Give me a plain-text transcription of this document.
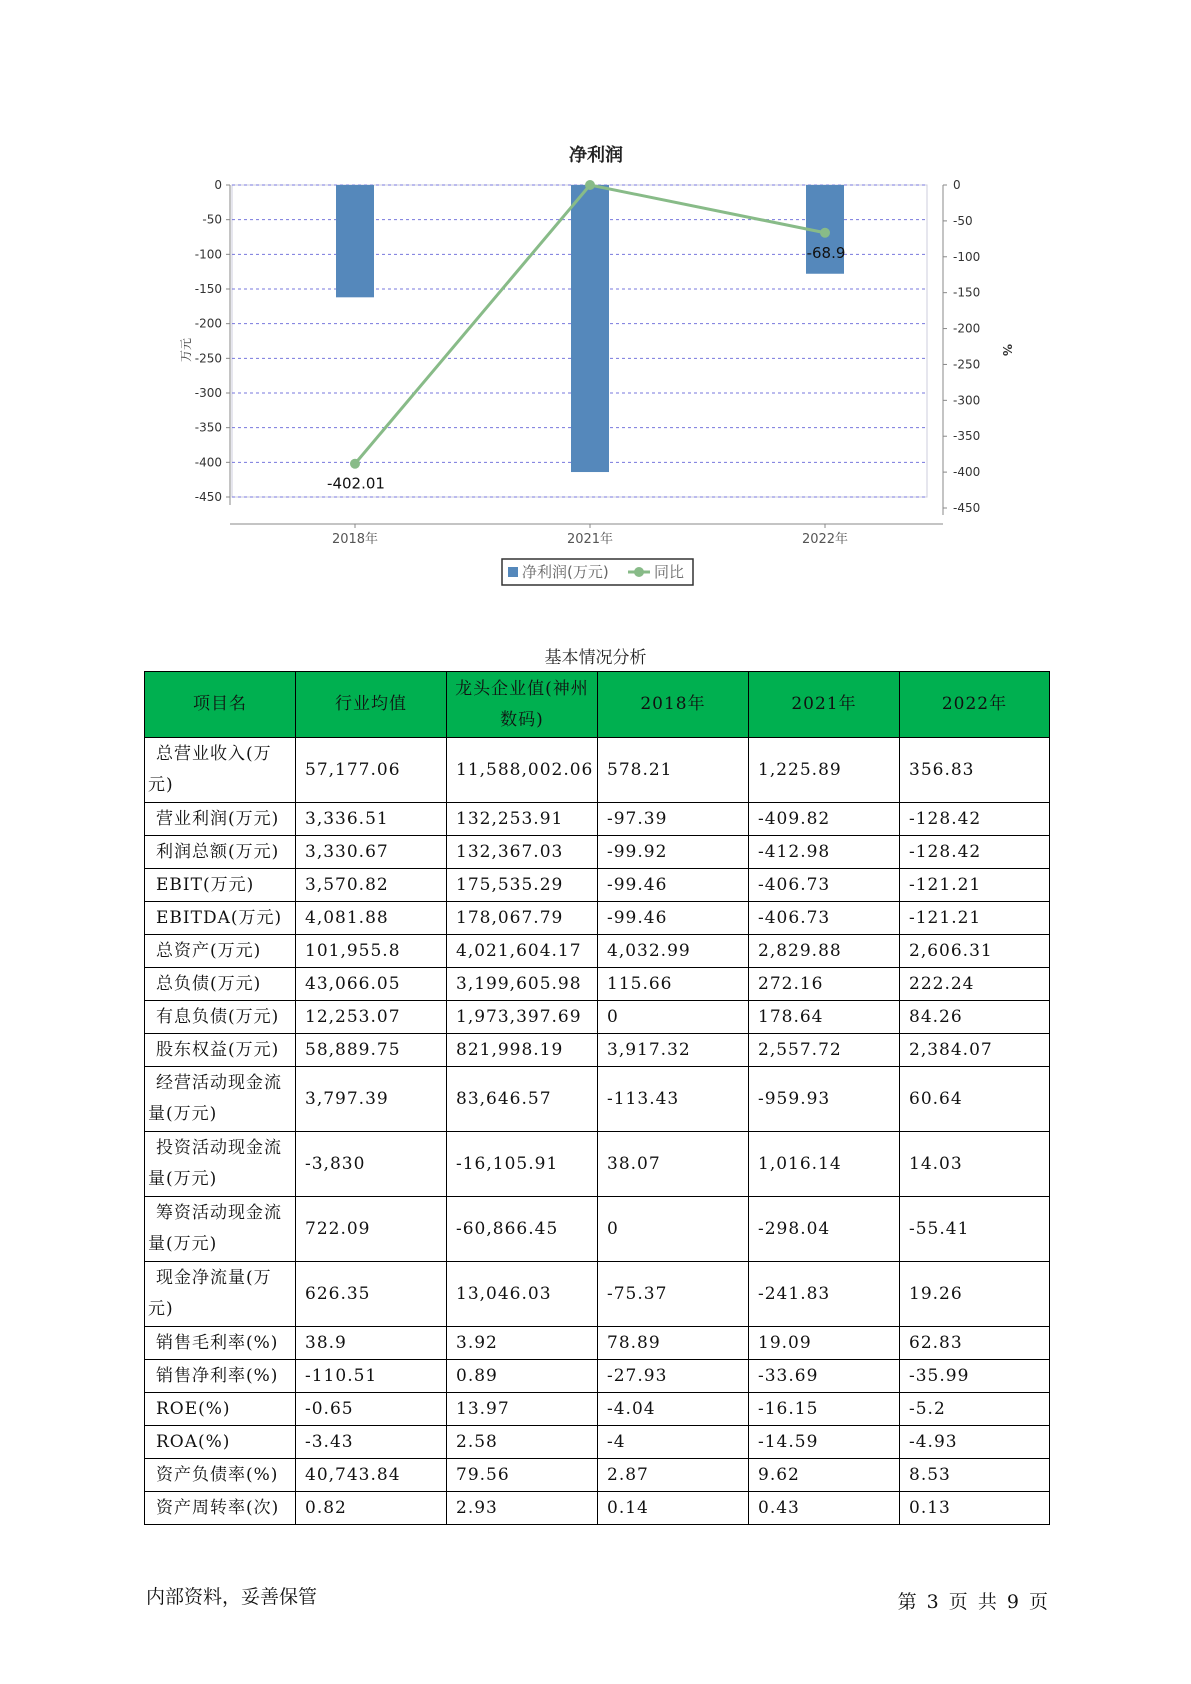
净利润
-402.01
-68.9
0
-50
-100
-150
-200
-250
-300
-350
-400
-450
0
-50
-100
-150
-200
-250
-300
-350
-400
-450
2018年	2021年	2022年
万元	%
净利润(万元)	同比
基本情况分析
项目名	行业均值	龙头企业值(神州数码)	2018年	2021年	2022年
总营业收入(万元)	57,177.06	11,588,002.06	578.21	1,225.89	356.83
营业利润(万元)	3,336.51	132,253.91	-97.39	-409.82	-128.42
利润总额(万元)	3,330.67	132,367.03	-99.92	-412.98	-128.42
EBIT(万元)	3,570.82	175,535.29	-99.46	-406.73	-121.21
EBITDA(万元)	4,081.88	178,067.79	-99.46	-406.73	-121.21
总资产(万元)	101,955.8	4,021,604.17	4,032.99	2,829.88	2,606.31
总负债(万元)	43,066.05	3,199,605.98	115.66	272.16	222.24
有息负债(万元)	12,253.07	1,973,397.69	0	178.64	84.26
股东权益(万元)	58,889.75	821,998.19	3,917.32	2,557.72	2,384.07
经营活动现金流量(万元)	3,797.39	83,646.57	-113.43	-959.93	60.64
投资活动现金流量(万元)	-3,830	-16,105.91	38.07	1,016.14	14.03
筹资活动现金流量(万元)	722.09	-60,866.45	0	-298.04	-55.41
现金净流量(万元)	626.35	13,046.03	-75.37	-241.83	19.26
销售毛利率(%)	38.9	3.92	78.89	19.09	62.83
销售净利率(%)	-110.51	0.89	-27.93	-33.69	-35.99
ROE(%)	-0.65	13.97	-4.04	-16.15	-5.2
ROA(%)	-3.43	2.58	-4	-14.59	-4.93
资产负债率(%)	40,743.84	79.56	2.87	9.62	8.53
资产周转率(次)	0.82	2.93	0.14	0.43	0.13
内部资料，妥善保管	第 3 页 共 9 页
